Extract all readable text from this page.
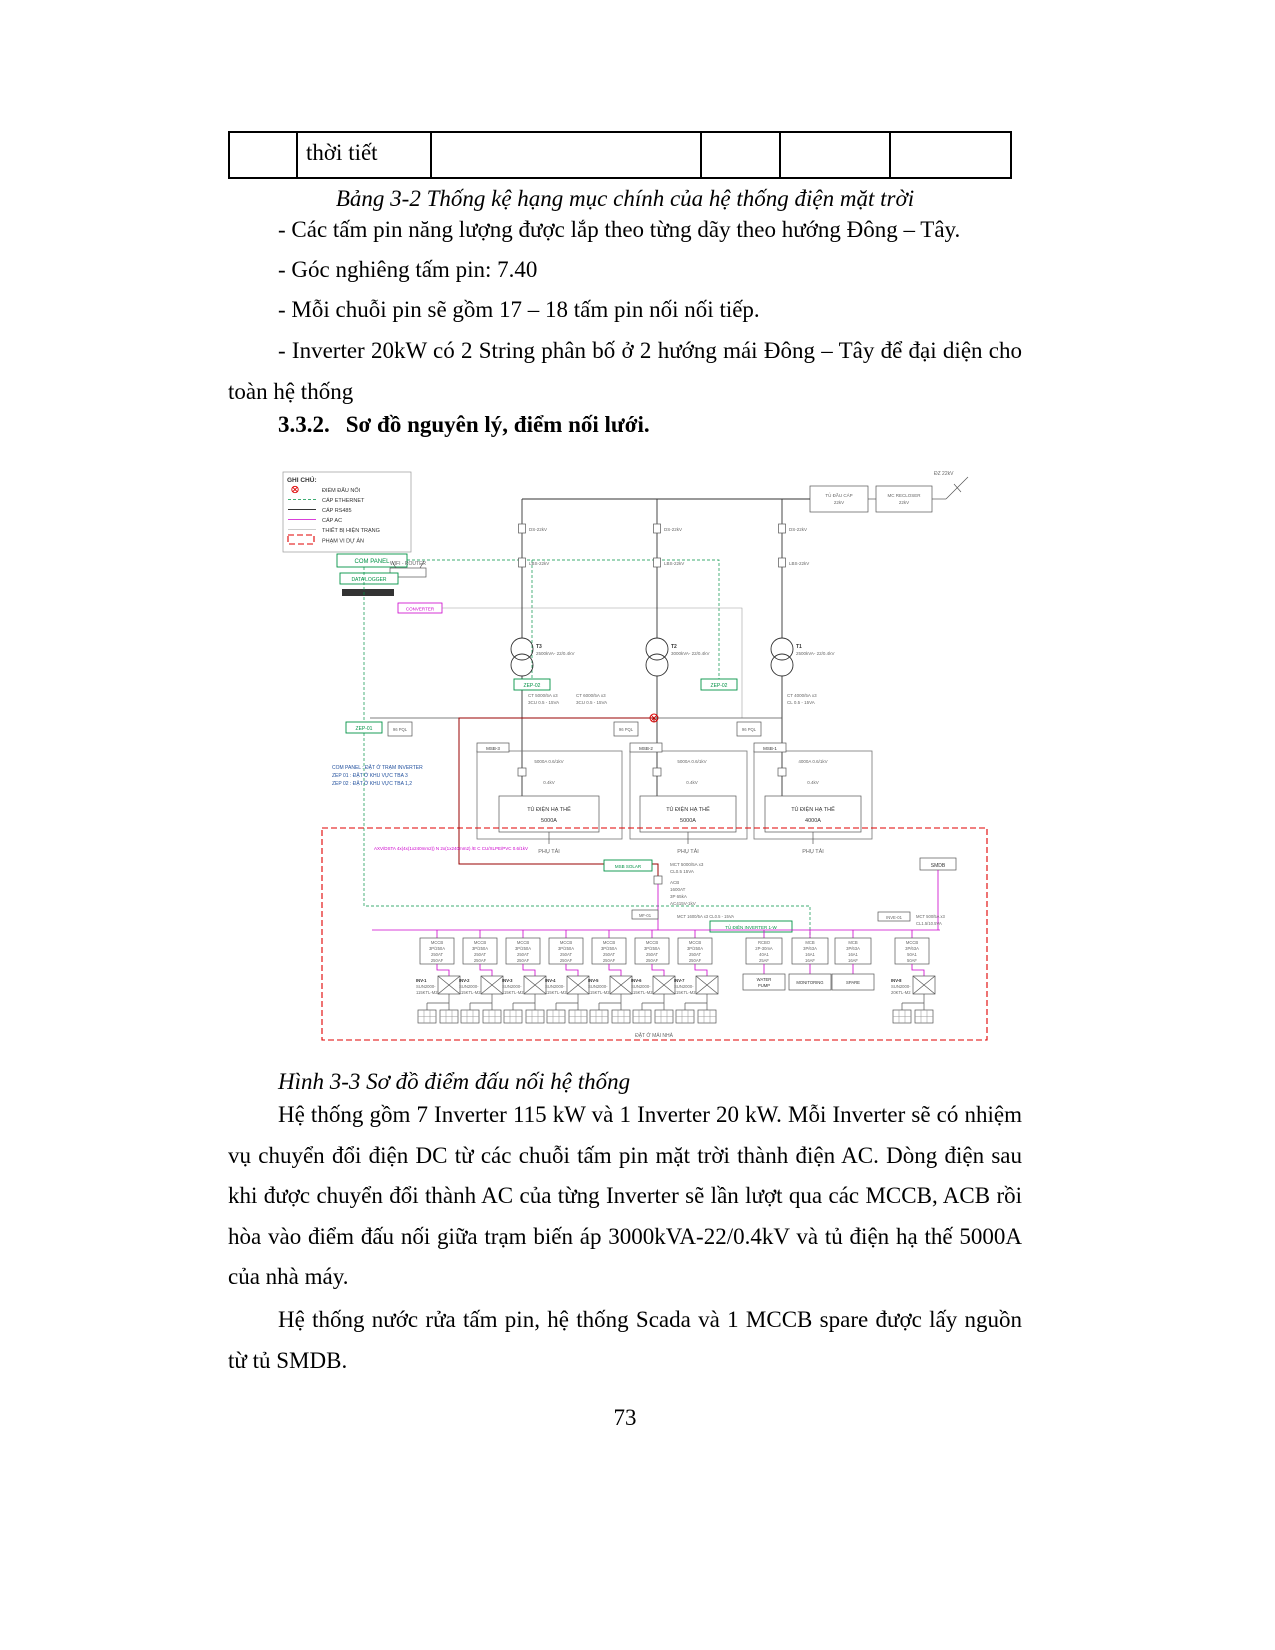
	thời tiết				
Bảng 3-2 Thống kệ hạng mục chính của hệ thống điện mặt trời

- Các tấm pin năng lượng được lắp theo từng dãy theo hướng Đông – Tây.

- Góc nghiêng tấm pin: 7.40

- Mỗi chuỗi pin sẽ gồm 17 – 18 tấm pin nối nối tiếp.

- Inverter 20kW có 2 String phân bố ở 2 hướng mái Đông – Tây để đại diện cho toàn hệ thống

3.3.2. Sơ đồ nguyên lý, điểm nối lưới.
GHI CHÚ:
ĐIỂM ĐẤU NỐI
CÁP ETHERNET
CÁP RS485
CÁP AC
THIẾT BỊ HIỆN TRẠNG
PHẠM VI DỰ ÁN
TỦ ĐẦU CÁP
22kV
MC RECLOSER
22kV
ĐZ 22kV
COM PANEL WIFI - ROUTER
DATA LOGGER
CONVERTER
DS-22kV
LBS-22kV
T3
2500kVA- 22/0.4kV
DS-22kV
LBS-22kV
T2
3000kVA- 22/0.4kV
DS-22kV
LBS-22kV
T1
2500kVA- 22/0.4kV
ZEP-02	ZEP-02
ZEP-01	96 PQL	96 PQL	96 PQL
CT 5000/5A x3
3CU 0.5 - 15VA
CT 6000/5A x3
3CU 0.5 - 15VA
CT 4000/5A x3
CL 0.5 - 15VA
COM PANEL : ĐẶT Ở TRẠM INVERTER
ZEP 01 : ĐẶT Ở KHU VỰC TBA 3
ZEP 02 : ĐẶT Ở KHU VỰC TBA 1,2
MSB-3
5000A 0.6/1kV
0.4kV
TỦ ĐIỆN HẠ THẾ
5000A
PHỤ TẢI
MSB-2
5000A 0.6/1kV
0.4kV
TỦ ĐIỆN HẠ THẾ
5000A
PHỤ TẢI
MSB-1
4000A 0.6/1kV
0.4kV
TỦ ĐIỆN HẠ THẾ
4000A
PHỤ TẢI
AXV/DSTA 4x(4x(1x240mm2)) N 2x(1x240mm2) /E C CU/XLPE/PVC 0.6/1kV
MSB SOLAR	MCT 5000/5A x3
CL0.5 15VA
ACB
1600AT
3P 65kA
AC415V-1kV
SMDB
MF-01	MCT 1600/5A x3 CL0.5 - 15VA
TỦ ĐIỆN INVERTER 1-W
INVE-01	MCT 500/5A x3
CL1.5/10.5VA
ĐẶT Ở MÁI NHÀ
MCCB
3P/250A
250AT
250AF
INV-1
SUN2000-
115KTL-M2
MCCB
3P/250A
250AT
250AF
INV-2
SUN2000-
115KTL-M2
MCCB
3P/250A
250AT
250AF
INV-3
SUN2000-
115KTL-M2
MCCB
3P/250A
250AT
250AF
INV-4
SUN2000-
115KTL-M2
MCCB
3P/250A
250AT
250AF
INV-5
SUN2000-
115KTL-M2
MCCB
3P/250A
250AT
250AF
INV-6
SUN2000-
115KTL-M2
MCCB
3P/250A
250AT
250AF
INV-7
SUN2000-
115KTL-M2
MCCB
3P/63A
50A1
50AF
INV-8
SUN2000-
20KTL-M2
RCBO
2P-30mA
40A1
25AF
WATER
PUMP
MCB
3P/63A
16A1
16AF
MONITORING
MCB
3P/63A
16A1
16AF
SPARE
Hình 3-3 Sơ đồ điểm đấu nối hệ thống

Hệ thống gồm 7 Inverter 115 kW và 1 Inverter 20 kW. Mỗi Inverter sẽ có nhiệm vụ chuyển đổi điện DC từ các chuỗi tấm pin mặt trời thành điện AC. Dòng điện sau khi được chuyển đổi thành AC của từng Inverter sẽ lần lượt qua các MCCB, ACB rồi hòa vào điểm đấu nối giữa trạm biến áp 3000kVA-22/0.4kV và tủ điện hạ thế 5000A của nhà máy.

Hệ thống nước rửa tấm pin, hệ thống Scada và 1 MCCB spare được lấy nguồn từ tủ SMDB.

73
